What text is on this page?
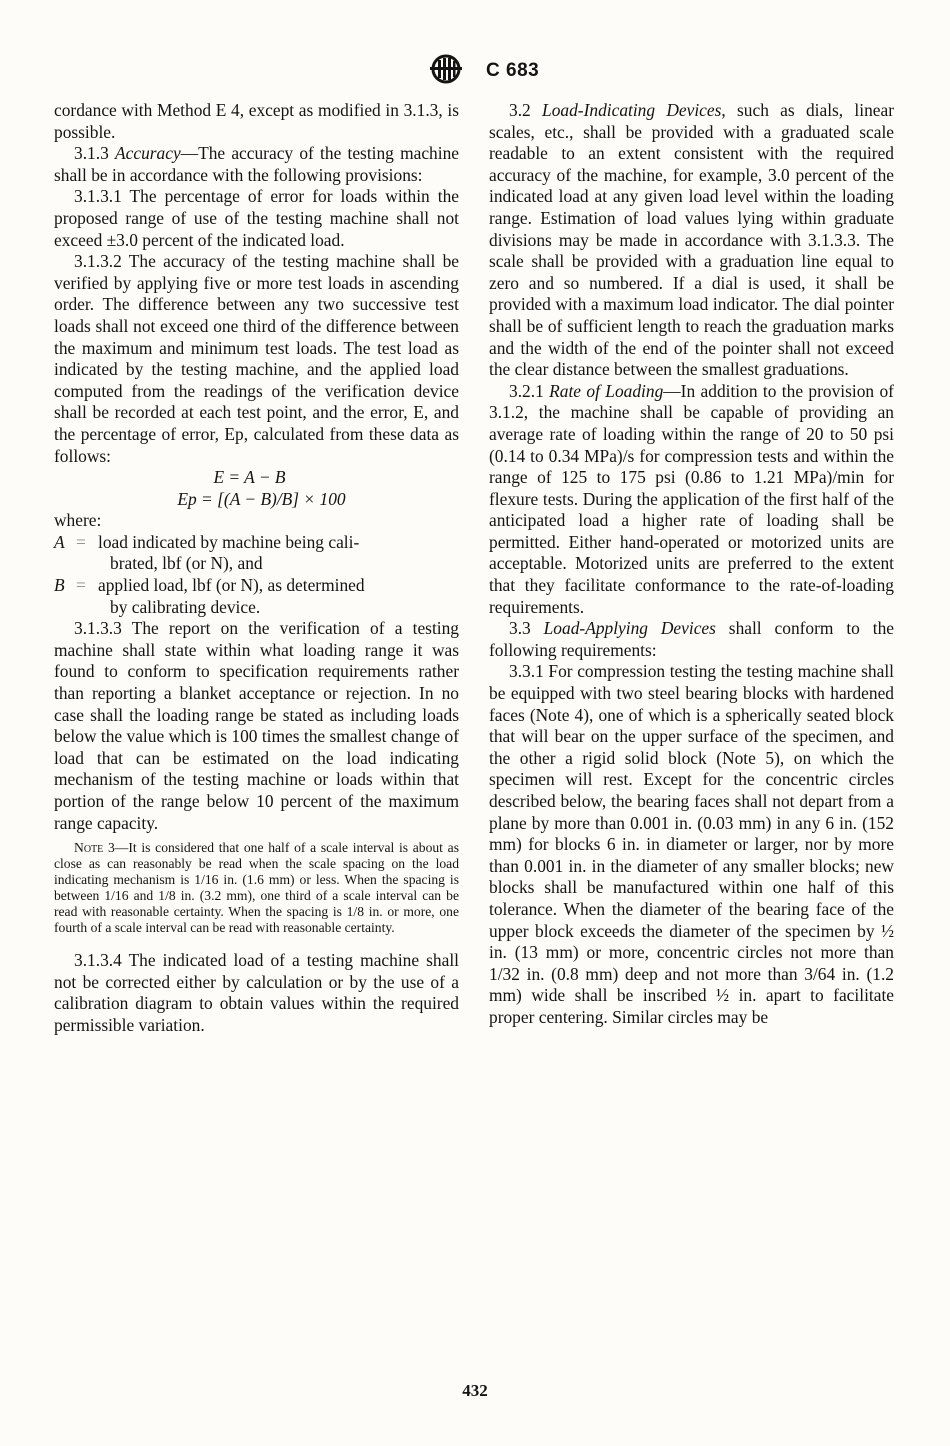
C 683

cordance with Method E 4, except as modified in 3.1.3, is possible.

3.1.3 Accuracy—The accuracy of the testing machine shall be in accordance with the following provisions:

3.1.3.1 The percentage of error for loads within the proposed range of use of the testing machine shall not exceed ±3.0 percent of the indicated load.

3.1.3.2 The accuracy of the testing machine shall be verified by applying five or more test loads in ascending order. The difference between any two successive test loads shall not exceed one third of the difference between the maximum and minimum test loads. The test load as indicated by the testing machine, and the applied load computed from the readings of the verification device shall be recorded at each test point, and the error, E, and the percentage of error, Ep, calculated from these data as follows:

E = A − B

Ep = [(A − B)/B] × 100

where:

A = load indicated by machine being cali-
brated, lbf (or N), and
B = applied load, lbf (or N), as determined
by calibrating device.

3.1.3.3 The report on the verification of a testing machine shall state within what loading range it was found to conform to specification requirements rather than reporting a blanket acceptance or rejection. In no case shall the loading range be stated as including loads below the value which is 100 times the smallest change of load that can be estimated on the load indicating mechanism of the testing machine or loads within that portion of the range below 10 percent of the maximum range capacity.

Note 3—It is considered that one half of a scale interval is about as close as can reasonably be read when the scale spacing on the load indicating mechanism is 1/16 in. (1.6 mm) or less. When the spacing is between 1/16 and 1/8 in. (3.2 mm), one third of a scale interval can be read with reasonable certainty. When the spacing is 1/8 in. or more, one fourth of a scale interval can be read with reasonable certainty.

3.1.3.4 The indicated load of a testing machine shall not be corrected either by calculation or by the use of a calibration diagram to obtain values within the required permissible variation.

3.2 Load-Indicating Devices, such as dials, linear scales, etc., shall be provided with a graduated scale readable to an extent consistent with the required accuracy of the machine, for example, 3.0 percent of the indicated load at any given load level within the loading range. Estimation of load values lying within graduate divisions may be made in accordance with 3.1.3.3. The scale shall be provided with a graduation line equal to zero and so numbered. If a dial is used, it shall be provided with a maximum load indicator. The dial pointer shall be of sufficient length to reach the graduation marks and the width of the end of the pointer shall not exceed the clear distance between the smallest graduations.

3.2.1 Rate of Loading—In addition to the provision of 3.1.2, the machine shall be capable of providing an average rate of loading within the range of 20 to 50 psi (0.14 to 0.34 MPa)/s for compression tests and within the range of 125 to 175 psi (0.86 to 1.21 MPa)/min for flexure tests. During the application of the first half of the anticipated load a higher rate of loading shall be permitted. Either hand-operated or motorized units are acceptable. Motorized units are preferred to the extent that they facilitate conformance to the rate-of-loading requirements.

3.3 Load-Applying Devices shall conform to the following requirements:

3.3.1 For compression testing the testing machine shall be equipped with two steel bearing blocks with hardened faces (Note 4), one of which is a spherically seated block that will bear on the upper surface of the specimen, and the other a rigid solid block (Note 5), on which the specimen will rest. Except for the concentric circles described below, the bearing faces shall not depart from a plane by more than 0.001 in. (0.03 mm) in any 6 in. (152 mm) for blocks 6 in. in diameter or larger, nor by more than 0.001 in. in the diameter of any smaller blocks; new blocks shall be manufactured within one half of this tolerance. When the diameter of the bearing face of the upper block exceeds the diameter of the specimen by ½ in. (13 mm) or more, concentric circles not more than 1/32 in. (0.8 mm) deep and not more than 3/64 in. (1.2 mm) wide shall be inscribed ½ in. apart to facilitate proper centering. Similar circles may be

432
